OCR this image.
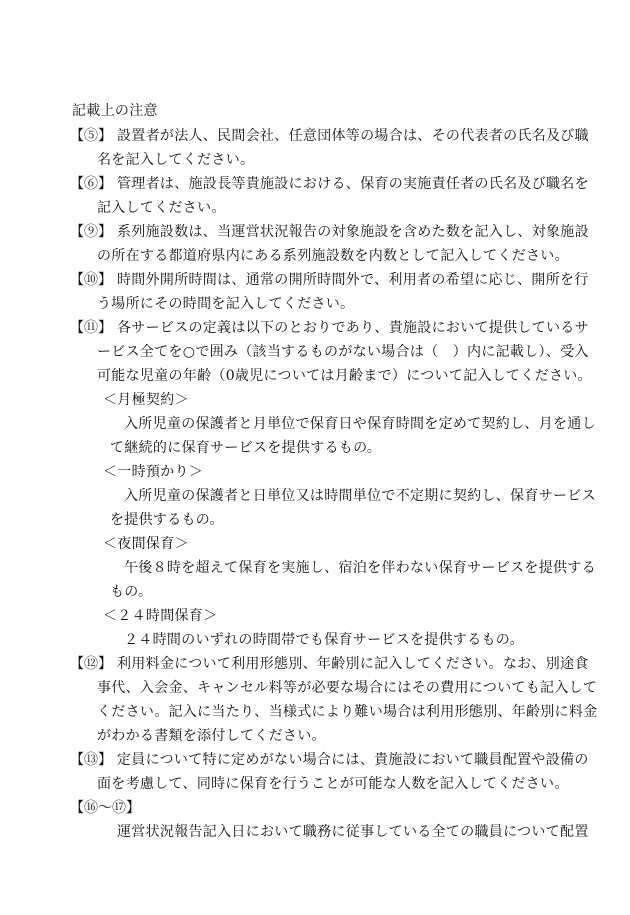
記載上の注意
【⑤】 設置者が法人、民間会社、任意団体等の場合は、その代表者の氏名及び職
名を記入してください。
【⑥】 管理者は、施設長等貴施設における、保育の実施責任者の氏名及び職名を
記入してください。
【⑨】 系列施設数は、当運営状況報告の対象施設を含めた数を記入し、対象施設
の所在する都道府県内にある系列施設数を内数として記入してください。
【⑩】 時間外開所時間は、通常の開所時間外で、利用者の希望に応じ、開所を行
う場所にその時間を記入してください。
【⑪】 各サービスの定義は以下のとおりであり、貴施設において提供しているサ
ービス全てを○で囲み（該当するものがない場合は（　）内に記載し）、受入
可能な児童の年齢（0歳児については月齢まで）について記入してください。
＜月極契約＞
入所児童の保護者と月単位で保育日や保育時間を定めて契約し、月を通し
て継続的に保育サービスを提供するもの。
＜一時預かり＞
入所児童の保護者と日単位又は時間単位で不定期に契約し、保育サービス
を提供するもの。
＜夜間保育＞
午後８時を超えて保育を実施し、宿泊を伴わない保育サービスを提供する
もの。
＜２４時間保育＞
２４時間のいずれの時間帯でも保育サービスを提供するもの。
【⑫】 利用料金について利用形態別、年齢別に記入してください。なお、別途食
事代、入会金、キャンセル料等が必要な場合にはその費用についても記入して
ください。記入に当たり、当様式により難い場合は利用形態別、年齢別に料金
がわかる書類を添付してください。
【⑬】 定員について特に定めがない場合には、貴施設において職員配置や設備の
面を考慮して、同時に保育を行うことが可能な人数を記入してください。
【⑯～⑰】
運営状況報告記入日において職務に従事している全ての職員について配置
